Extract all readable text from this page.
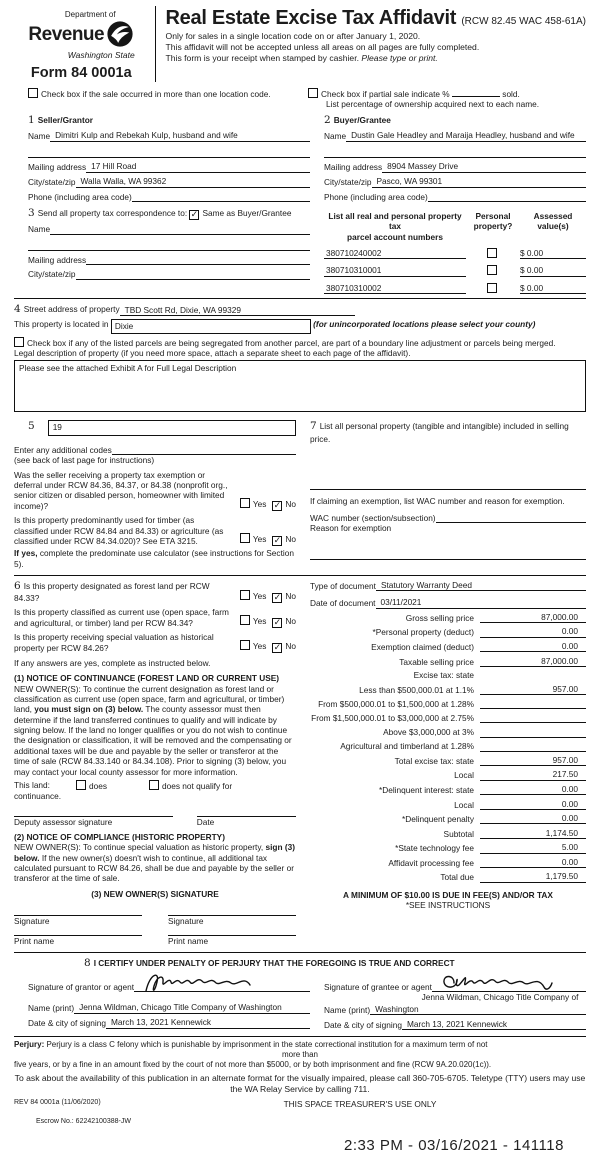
Department of
Revenue
Washington State
Form 84 0001a
Real Estate Excise Tax Affidavit (RCW 82.45 WAC 458-61A)
Only for sales in a single location code on or after January 1, 2020.
This affidavit will not be accepted unless all areas on all pages are fully completed.
This form is your receipt when stamped by cashier. Please type or print.
Check box if the sale occurred in more than one location code.	Check box if partial sale indicate %	sold.
List percentage of ownership acquired next to each name.
1 Seller/Grantor
Name Dimitri Kulp and Rebekah Kulp, husband and wife
Mailing address 17 Hill Road
City/state/zip Walla Walla, WA 99362
Phone (including area code)
2 Buyer/Grantee
Name Dustin Gale Headley and Maraija Headley, husband and wife
Mailing address 8904 Massey Drive
City/state/zip Pasco, WA 99301
Phone (including area code)
3 Send all property tax correspondence to: ✓ Same as Buyer/Grantee
Name
Mailing address
City/state/zip
List all real and personal property tax
parcel account numbers
Personal
property?
Assessed
value(s)
380710240002	$ 0.00
380710310001	$ 0.00
380710310002	$ 0.00
4 Street address of property TBD Scott Rd, Dixie, WA 99329
This property is located in Dixie	(for unincorporated locations please select your county)
Check box if any of the listed parcels are being segregated from another parcel, are part of a boundary line adjustment or parcels being merged.
Legal description of property (if you need more space, attach a separate sheet to each page of the affidavit).
Please see the attached Exhibit A for Full Legal Description
5	19
Enter any additional codes
(see back of last page for instructions)
Was the seller receiving a property tax exemption or deferral under RCW 84.36, 84.37, or 84.38 (nonprofit org., senior citizen or disabled person, homeowner with limited income)?	Yes ✓ No
Is this property predominantly used for timber (as classified under RCW 84.84 and 84.33) or agriculture (as classified under RCW 84.34.020)? See ETA 3215.	Yes ✓ No
If yes, complete the predominate use calculator (see instructions for Section 5).
7 List all personal property (tangible and intangible) included in selling price.
If claiming an exemption, list WAC number and reason for exemption.
WAC number (section/subsection)
Reason for exemption
6 Is this property designated as forest land per RCW 84.33?	Yes ✓ No
Is this property classified as current use (open space, farm and agricultural, or timber) land per RCW 84.34?	Yes ✓ No
Is this property receiving special valuation as historical property per RCW 84.26?	Yes ✓ No
If any answers are yes, complete as instructed below.
(1) NOTICE OF CONTINUANCE (FOREST LAND OR CURRENT USE)
NEW OWNER(S): To continue the current designation as forest land or classification as current use (open space, farm and agricultural, or timber) land, you must sign on (3) below. The county assessor must then determine if the land transferred continues to qualify and will indicate by signing below. If the land no longer qualifies or you do not wish to continue the designation or classification, it will be removed and the compensating or additional taxes will be due and payable by the seller or transferor at the time of sale (RCW 84.33.140 or 84.34.108). Prior to signing (3) below, you may contact your local county assessor for more information.
This land:	does	does not qualify for
continuance.
Deputy assessor signature	Date
(2) NOTICE OF COMPLIANCE (HISTORIC PROPERTY)
NEW OWNER(S): To continue special valuation as historic property, sign (3) below. If the new owner(s) doesn't wish to continue, all additional tax calculated pursuant to RCW 84.26, shall be due and payable by the seller or transferor at the time of sale.
(3) NEW OWNER(S) SIGNATURE
Signature	Signature
Print name	Print name
Type of document Statutory Warranty Deed
Date of document 03/11/2021
Gross selling price	87,000.00
*Personal property (deduct)	0.00
Exemption claimed (deduct)	0.00
Taxable selling price	87,000.00
Excise tax: state
Less than $500,000.01 at 1.1%	957.00
From $500,000.01 to $1,500,000 at 1.28%
From $1,500,000.01 to $3,000,000 at 2.75%
Above $3,000,000 at 3%
Agricultural and timberland at 1.28%
Total excise tax: state	957.00
Local	217.50
*Delinquent interest: state	0.00
Local	0.00
*Delinquent penalty	0.00
Subtotal	1,174.50
*State technology fee	5.00
Affidavit processing fee	0.00
Total due	1,179.50
A MINIMUM OF $10.00 IS DUE IN FEE(S) AND/OR TAX
*SEE INSTRUCTIONS
8 I CERTIFY UNDER PENALTY OF PERJURY THAT THE FOREGOING IS TRUE AND CORRECT
Signature of grantor or agent
Name (print) Jenna Wildman, Chicago Title Company of Washington
Date & city of signing March 13, 2021 Kennewick
Signature of grantee or agent
Jenna Wildman, Chicago Title Company of
Name (print) Washington
Date & city of signing March 13, 2021 Kennewick
Perjury: Perjury is a class C felony which is punishable by imprisonment in the state correctional institution for a maximum term of not
more than
five years, or by a fine in an amount fixed by the court of not more than $5000, or by both imprisonment and fine (RCW 9A.20.020(1c)).
To ask about the availability of this publication in an alternate format for the visually impaired, please call 360-705-6705. Teletype (TTY) users may use the WA Relay Service by calling 711.
REV 84 0001a (11/06/2020)	THIS SPACE TREASURER'S USE ONLY
Escrow No.: 62242100388-JW
2:33 PM - 03/16/2021 - 141118
